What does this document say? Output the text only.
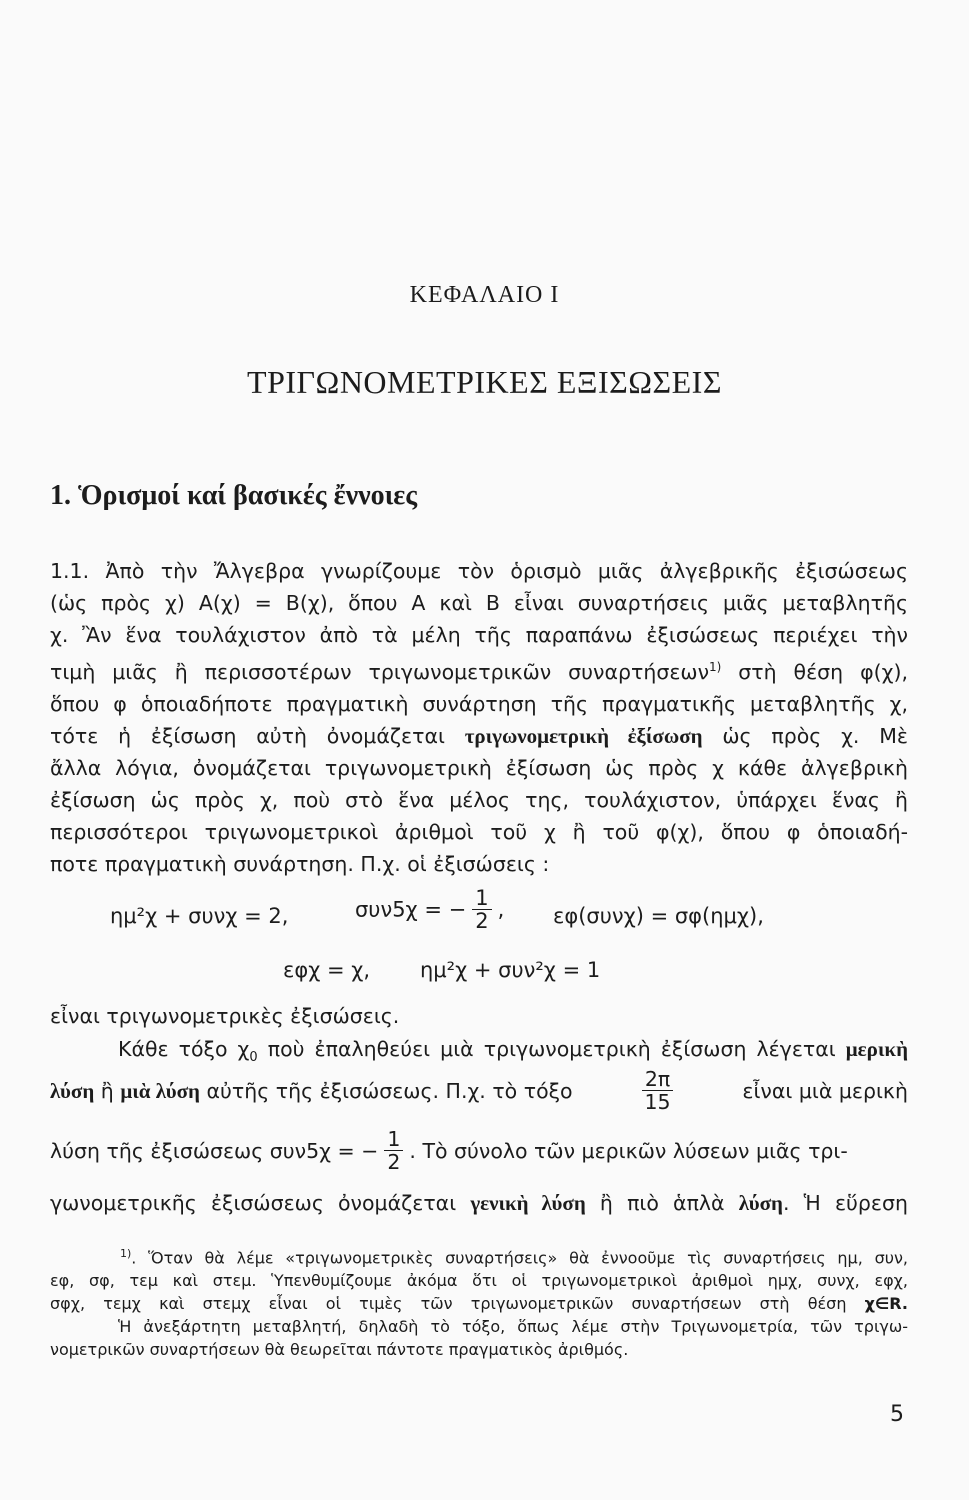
ΚΕΦΑΛΑΙΟ Ι
ΤΡΙΓΩΝΟΜΕΤΡΙΚΕΣ ΕΞΙΣΩΣΕΙΣ
1. Ὁρισμοί καί βασικές ἔννοιες
1.1. Ἀπὸ τὴν Ἄλγεβρα γνωρίζουμε τὸν ὁρισμὸ μιᾶς ἀλγεβρικῆς ἐξισώσεως
(ὡς πρὸς χ) Α(χ) = Β(χ), ὅπου Α καὶ Β εἶναι συναρτήσεις μιᾶς μεταβλητῆς
χ. Ἂν ἕνα τουλάχιστον ἀπὸ τὰ μέλη τῆς παραπάνω ἐξισώσεως περιέχει τὴν
τιμὴ μιᾶς ἢ περισσοτέρων τριγωνομετρικῶν συναρτήσεων$^{1)}$ στὴ θέση φ(χ),
ὅπου φ ὁποιαδήποτε πραγματικὴ συνάρτηση τῆς πραγματικῆς μεταβλητῆς χ,
τότε ἡ ἐξίσωση αὐτὴ ὀνομάζεται τριγωνομετρικὴ ἐξίσωση ὡς πρὸς χ. Μὲ
ἄλλα λόγια, ὀνομάζεται τριγωνομετρικὴ ἐξίσωση ὡς πρὸς χ κάθε ἀλγεβρικὴ
ἐξίσωση ὡς πρὸς χ, ποὺ στὸ ἕνα μέλος της, τουλάχιστον, ὑπάρχει ἕνας ἢ
περισσότεροι τριγωνομετρικοὶ ἀριθμοὶ τοῦ χ ἢ τοῦ φ(χ), ὅπου φ ὁποιαδή-
ποτε πραγματικὴ συνάρτηση. Π.χ. οἱ ἐξισώσεις :
ημ²χ + συνχ = 2,	συν5χ = − $\frac{1}{2}$ , εφ(συνχ) = σφ(ημχ),
εφχ = χ, ημ²χ + συν²χ = 1
εἶναι τριγωνομετρικὲς ἐξισώσεις.
Κάθε τόξο $\chi_0$ ποὺ ἐπαληθεύει μιὰ τριγωνομετρικὴ ἐξίσωση λέγεται μερικὴ
λύση ἢ μιὰ λύση αὐτῆς τῆς ἐξισώσεως. Π.χ. τὸ τόξο	$\frac{2\pi}{15}$	εἶναι μιὰ μερικὴ
λύση τῆς ἐξισώσεως συν5χ = − $\frac{1}{2}$ . Τὸ σύνολο τῶν μερικῶν λύσεων μιᾶς τρι-
γωνομετρικῆς ἐξισώσεως ὀνομάζεται γενικὴ λύση ἢ πιὸ ἁπλὰ λύση. Ἡ εὕρεση
$^{1)}$. Ὅταν θὰ λέμε «τριγωνομετρικὲς συναρτήσεις» θὰ ἐννοοῦμε τὶς συναρτήσεις ημ, συν,
εφ, σφ, τεμ καὶ στεμ. Ὑπενθυμίζουμε ἀκόμα ὅτι οἱ τριγωνομετρικοὶ ἀριθμοὶ ημχ, συνχ, εφχ,
σφχ, τεμχ καὶ στεμχ εἶναι οἱ τιμὲς τῶν τριγωνομετρικῶν συναρτήσεων στὴ θέση χ∈R.
Ἡ ἀνεξάρτητη μεταβλητή, δηλαδὴ τὸ τόξο, ὅπως λέμε στὴν Τριγωνομετρία, τῶν τριγω-
νομετρικῶν συναρτήσεων θὰ θεωρεῖται πάντοτε πραγματικὸς ἀριθμός.
5
